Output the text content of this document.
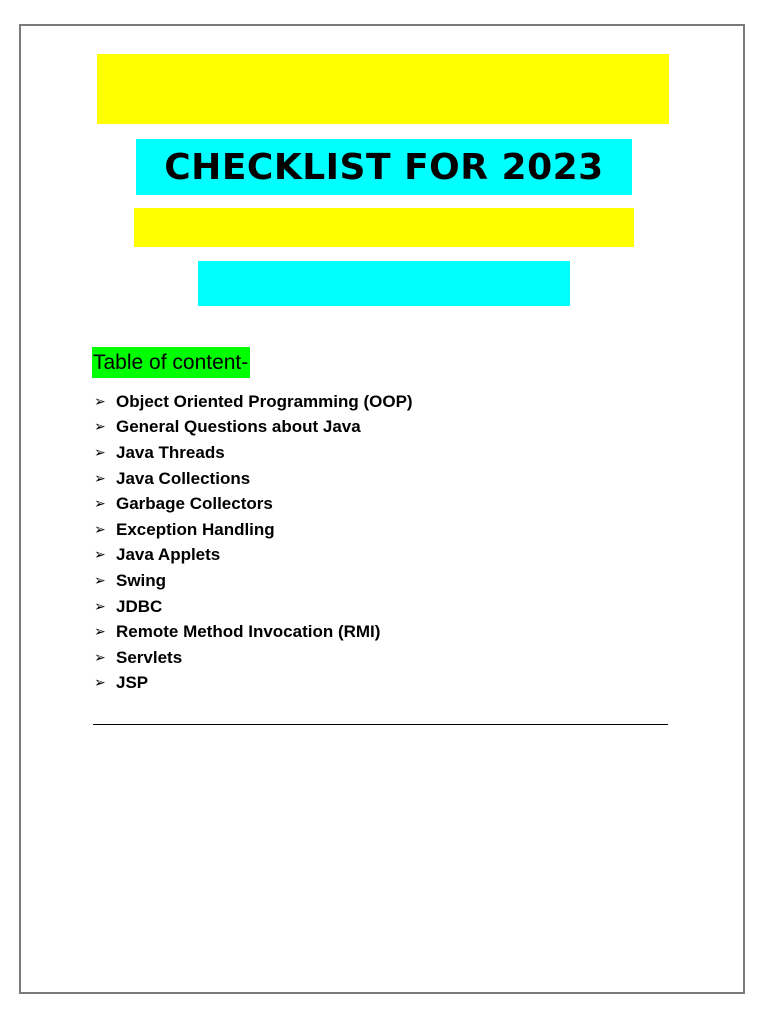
CHECKLIST FOR 2023
Table of content-
➢ Object Oriented Programming (OOP)
➢ General Questions about Java
➢ Java Threads
➢ Java Collections
➢ Garbage Collectors
➢ Exception Handling
➢ Java Applets
➢ Swing
➢ JDBC
➢ Remote Method Invocation (RMI)
➢ Servlets
➢ JSP
